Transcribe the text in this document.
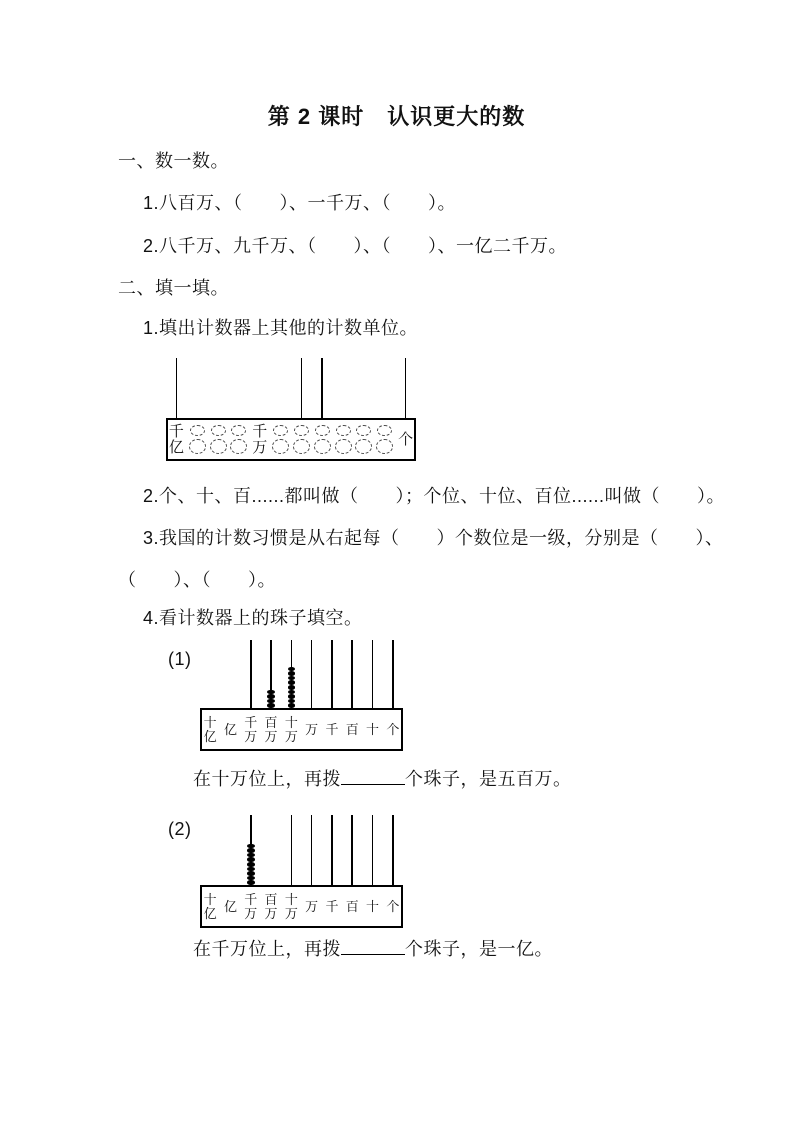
第 2 课时　认识更大的数
一、数一数。
1.八百万、（　　）、一千万、（　　）。
2.八千万、九千万、（　　）、（　　）、一亿二千万。
二、填一填。
1.填出计数器上其他的计数单位。
千
亿
千
万	个
2.个、十、百......都叫做（　　）；个位、十位、百位......叫做（　　）。
3.我国的计数习惯是从右起每（　　）个数位是一级，分别是（　　）、
（　　）、（　　）。
4.看计数器上的珠子填空。
(1)
十
亿 亿 千
万
百
万
十
万 万 千 百 十 个
在十万位上，再拨	个珠子，是五百万。
(2)
十
亿 亿 千
万
百
万
十
万 万 千 百 十 个
在千万位上，再拨	个珠子，是一亿。
